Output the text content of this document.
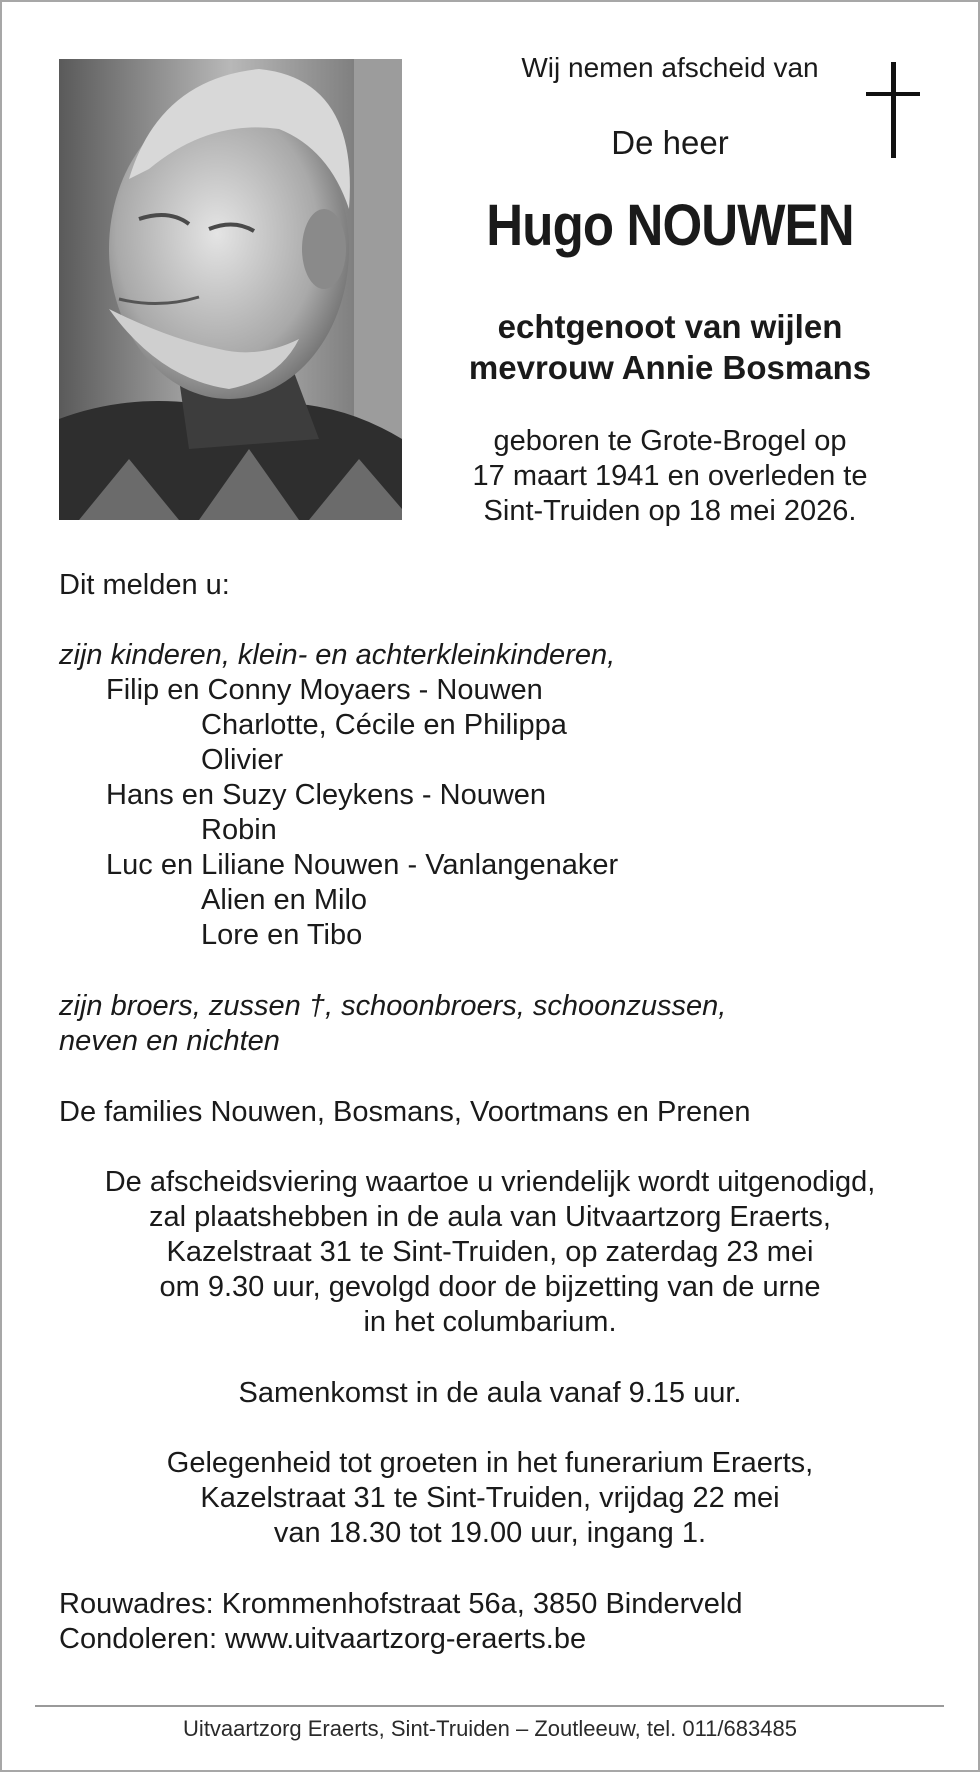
Wij nemen afscheid van
De heer
Hugo NOUWEN
echtgenoot van wijlen
mevrouw Annie Bosmans
geboren te Grote-Brogel op
17 maart 1941 en overleden te
Sint-Truiden op 18 mei 2026.
Dit melden u:
zijn kinderen, klein- en achterkleinkinderen,
Filip en Conny Moyaers - Nouwen
Charlotte, Cécile en Philippa
Olivier
Hans en Suzy Cleykens - Nouwen
Robin
Luc en Liliane Nouwen - Vanlangenaker
Alien en Milo
Lore en Tibo
zijn broers, zussen †, schoonbroers, schoonzussen,
neven en nichten
De families Nouwen, Bosmans, Voortmans en Prenen
De afscheidsviering waartoe u vriendelijk wordt uitgenodigd,
zal plaatshebben in de aula van Uitvaartzorg Eraerts,
Kazelstraat 31 te Sint-Truiden, op zaterdag 23 mei
om 9.30 uur, gevolgd door de bijzetting van de urne
in het columbarium.
Samenkomst in de aula vanaf 9.15 uur.
Gelegenheid tot groeten in het funerarium Eraerts,
Kazelstraat 31 te Sint-Truiden, vrijdag 22 mei
van 18.30 tot 19.00 uur, ingang 1.
Rouwadres: Krommenhofstraat 56a, 3850 Binderveld
Condoleren: www.uitvaartzorg-eraerts.be
Uitvaartzorg Eraerts, Sint-Truiden – Zoutleeuw, tel. 011/683485
